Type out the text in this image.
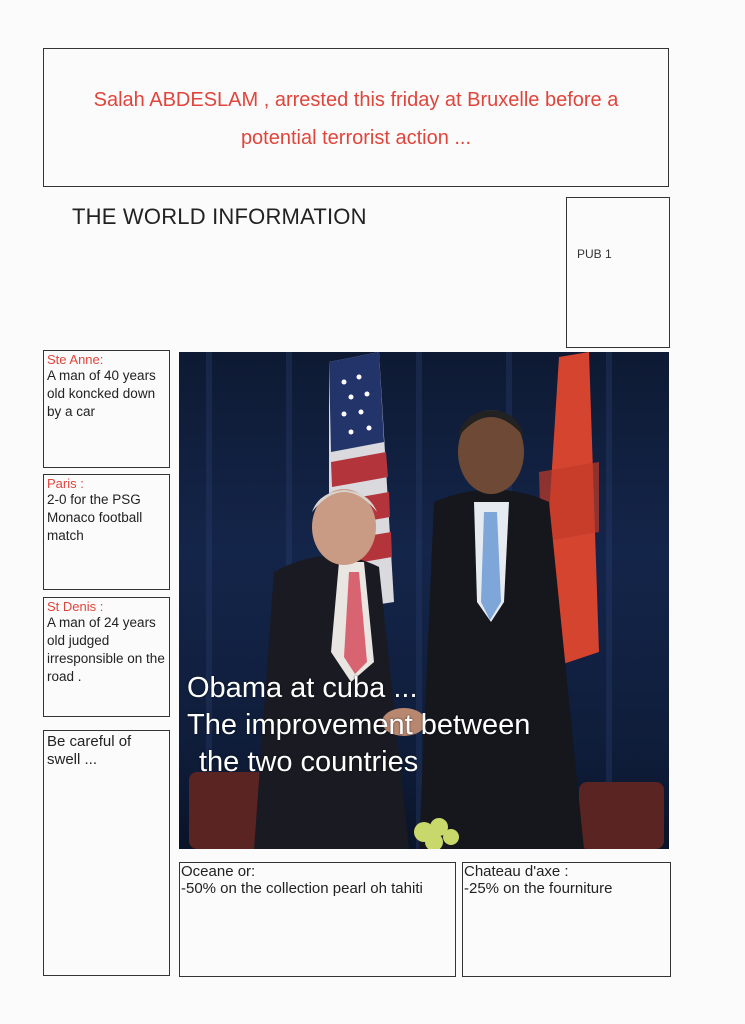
Salah ABDESLAM , arrested this friday at Bruxelle before a
potential terrorist action ...
THE WORLD INFORMATION
PUB 1
Ste Anne:
A man of 40 years old koncked down by a car
Paris :
2-0 for the PSG Monaco football match
St Denis :
A man of 24 years old judged irresponsible on the road .
Be careful of swell ...
Obama at cuba ...
The improvement between
the two countries
Oceane or:
-50% on the collection pearl oh tahiti
Chateau d'axe :
-25% on the fourniture
